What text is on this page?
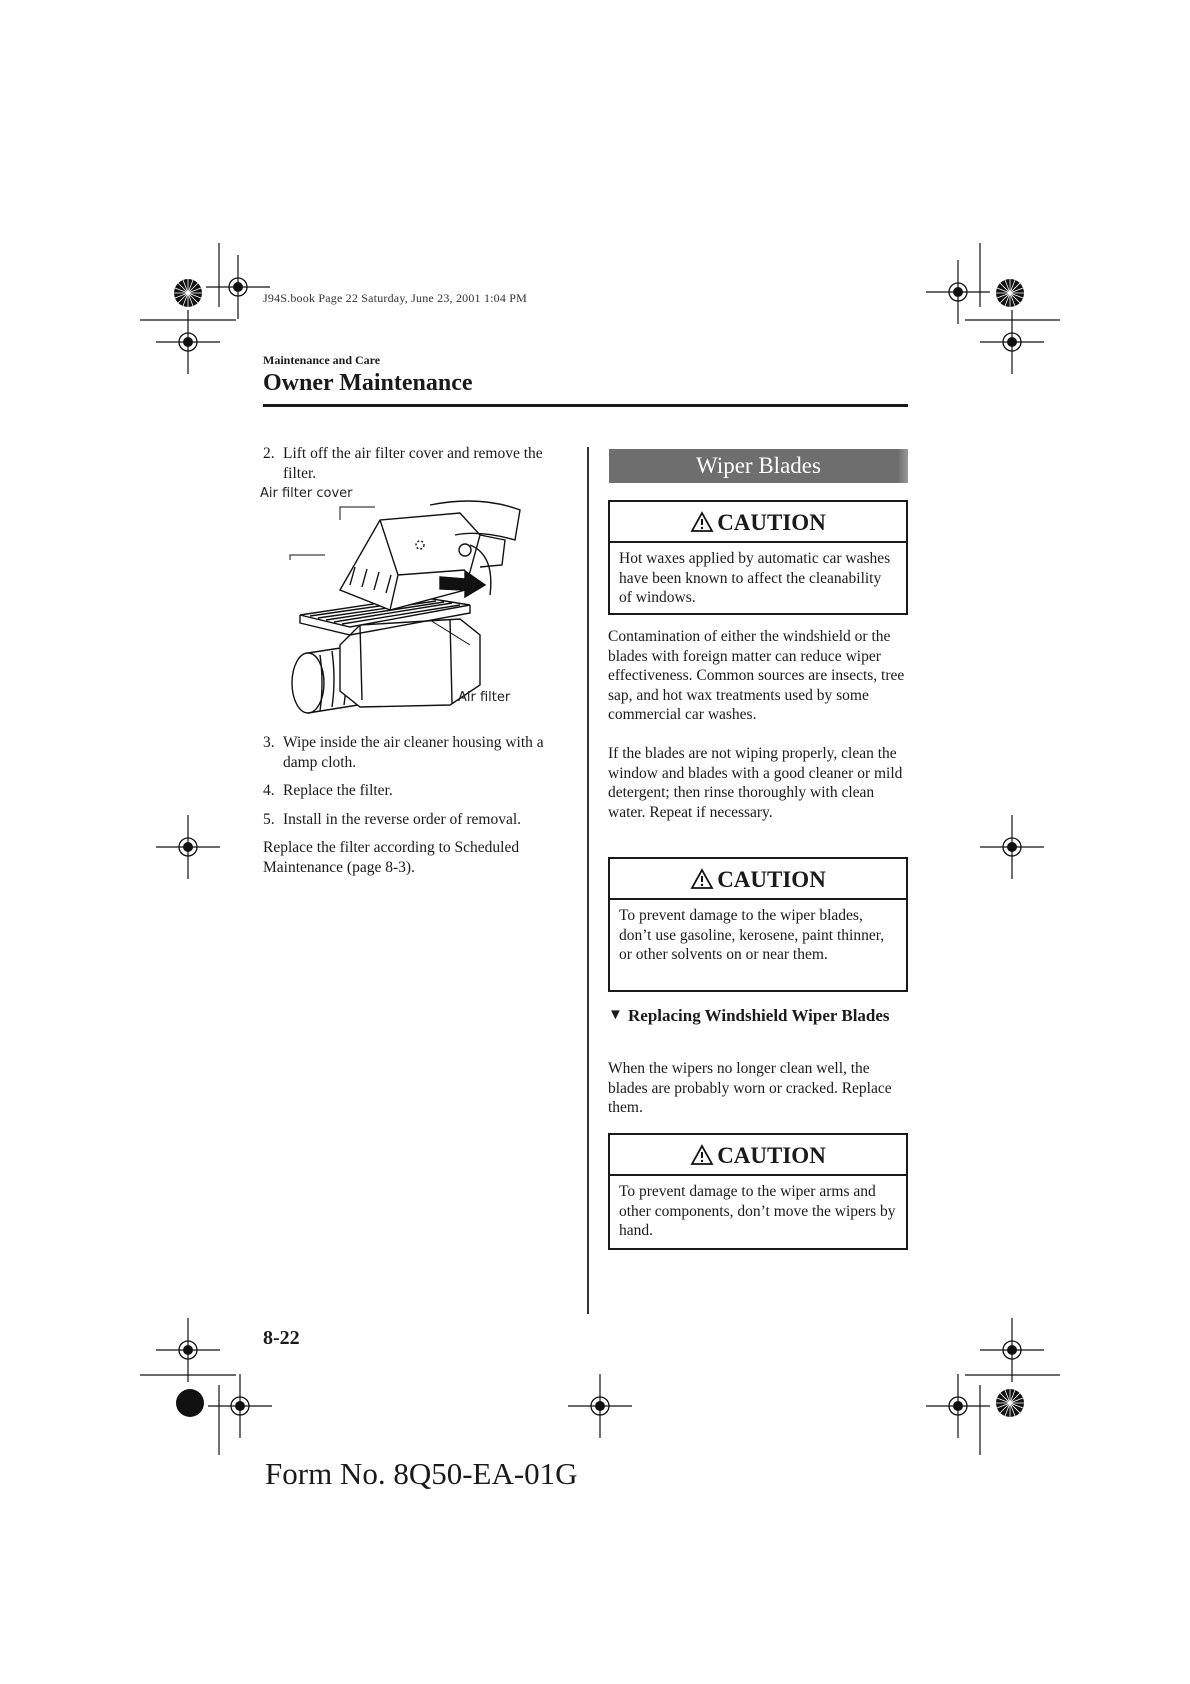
J94S.book Page 22 Saturday, June 23, 2001 1:04 PM
Maintenance and Care
Owner Maintenance
2. Lift off the air filter cover and remove the filter.
Air filter cover
Air filter
3. Wipe inside the air cleaner housing with a damp cloth.
4. Replace the filter.
5. Install in the reverse order of removal.

Replace the filter according to Scheduled Maintenance (page 8-3).

Wiper Blades
CAUTION
Hot waxes applied by automatic car washes have been known to affect the cleanability of windows.

Contamination of either the windshield or the blades with foreign matter can reduce wiper effectiveness. Common sources are insects, tree sap, and hot wax treatments used by some commercial car washes.

If the blades are not wiping properly, clean the window and blades with a good cleaner or mild detergent; then rinse thoroughly with clean water. Repeat if necessary.

CAUTION
To prevent damage to the wiper blades, don’t use gasoline, kerosene, paint thinner, or other solvents on or near them.
▼ Replacing Windshield Wiper Blades

When the wipers no longer clean well, the blades are probably worn or cracked. Replace them.

CAUTION
To prevent damage to the wiper arms and other components, don’t move the wipers by hand.
8-22
Form No. 8Q50-EA-01G
